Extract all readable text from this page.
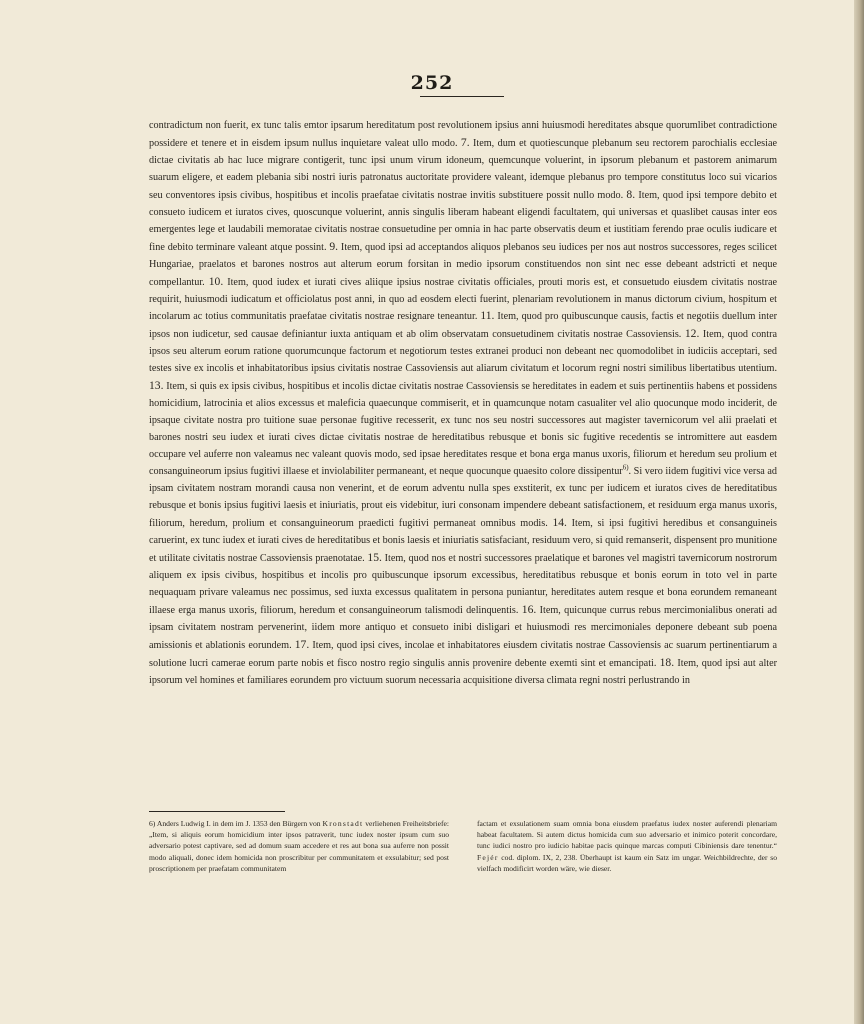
252

contradictum non fuerit, ex tunc talis emtor ipsarum hereditatum post revolutionem ipsius anni huiusmodi hereditates absque quorumlibet contradictione possidere et tenere et in eisdem ipsum nullus inquietare valeat ullo modo. 7. Item, dum et quotiescunque plebanum seu rectorem parochialis ecclesiae dictae civitatis ab hac luce migrare contigerit, tunc ipsi unum virum idoneum, quemcunque voluerint, in ipsorum plebanum et pastorem animarum suarum eligere, et eadem plebania sibi nostri iuris patronatus auctoritate providere valeant, idemque plebanus pro tempore constitutus loco sui vicarios seu conventores ipsis civibus, hospitibus et incolis praefatae civitatis nostrae invitis substituere possit nullo modo. 8. Item, quod ipsi tempore debito et consueto iudicem et iuratos cives, quoscunque voluerint, annis singulis liberam habeant eligendi facultatem, qui universas et quaslibet causas inter eos emergentes lege et laudabili memoratae civitatis nostrae consuetudine per omnia in hac parte observatis deum et iustitiam ferendo prae oculis iudicare et fine debito terminare valeant atque possint. 9. Item, quod ipsi ad acceptandos aliquos plebanos seu iudices per nos aut nostros successores, reges scilicet Hungariae, praelatos et barones nostros aut alterum eorum forsitan in medio ipsorum constituendos non sint nec esse debeant adstricti et neque compellantur. 10. Item, quod iudex et iurati cives aliique ipsius nostrae civitatis officiales, prouti moris est, et consuetudo eiusdem civitatis nostrae requirit, huiusmodi iudicatum et officiolatus post anni, in quo ad eosdem electi fuerint, plenariam revolutionem in manus dictorum civium, hospitum et incolarum ac totius communitatis praefatae civitatis nostrae resignare teneantur. 11. Item, quod pro quibuscunque causis, factis et negotiis duellum inter ipsos non iudicetur, sed causae definiantur iuxta antiquam et ab olim observatam consuetudinem civitatis nostrae Cassoviensis. 12. Item, quod contra ipsos seu alterum eorum ratione quorumcunque factorum et negotiorum testes extranei produci non debeant nec quomodolibet in iudiciis acceptari, sed testes sive ex incolis et inhabitatoribus ipsius civitatis nostrae Cassoviensis aut aliarum civitatum et locorum regni nostri similibus libertatibus utentium. 13. Item, si quis ex ipsis civibus, hospitibus et incolis dictae civitatis nostrae Cassoviensis se hereditates in eadem et suis pertinentiis habens et possidens homicidium, latrocinia et alios excessus et maleficia quaecunque commiserit, et in quamcunque notam casualiter vel alio quocunque modo inciderit, de ipsaque civitate nostra pro tuitione suae personae fugitive recesserit, ex tunc nos seu nostri successores aut magister tavernicorum vel alii praelati et barones nostri seu iudex et iurati cives dictae civitatis nostrae de hereditatibus rebusque et bonis sic fugitive recedentis se intromittere aut easdem occupare vel auferre non valeamus nec valeant quovis modo, sed ipsae hereditates resque et bona erga manus uxoris, filiorum et heredum seu prolium et consanguineorum ipsius fugitivi illaese et inviolabiliter permaneant, et neque quocunque quaesito colore dissipentur$^{6)}$. Si vero iidem fugitivi vice versa ad ipsam civitatem nostram morandi causa non venerint, et de eorum adventu nulla spes exstiterit, ex tunc per iudicem et iuratos cives de hereditatibus rebusque et bonis ipsius fugitivi laesis et iniuriatis, prout eis videbitur, iuri consonam impendere debeant satisfactionem, et residuum erga manus uxoris, filiorum, heredum, prolium et consanguineorum praedicti fugitivi permaneat omnibus modis. 14. Item, si ipsi fugitivi heredibus et consanguineis caruerint, ex tunc iudex et iurati cives de hereditatibus et bonis laesis et iniuriatis satisfaciant, residuum vero, si quid remanserit, dispensent pro munitione et utilitate civitatis nostrae Cassoviensis praenotatae. 15. Item, quod nos et nostri successores praelatique et barones vel magistri tavernicorum nostrorum aliquem ex ipsis civibus, hospitibus et incolis pro quibuscunque ipsorum excessibus, hereditatibus rebusque et bonis eorum in toto vel in parte nequaquam privare valeamus nec possimus, sed iuxta excessus qualitatem in persona puniantur, hereditates autem resque et bona eorundem remaneant illaese erga manus uxoris, filiorum, heredum et consanguineorum talismodi delinquentis. 16. Item, quicunque currus rebus mercimonialibus onerati ad ipsam civitatem nostram pervenerint, iidem more antiquo et consueto inibi disligari et huiusmodi res mercimoniales deponere debeant sub poena amissionis et ablationis eorundem. 17. Item, quod ipsi cives, incolae et inhabitatores eiusdem civitatis nostrae Cassoviensis ac suarum pertinentiarum a solutione lucri camerae eorum parte nobis et fisco nostro regio singulis annis provenire debente exemti sint et emancipati. 18. Item, quod ipsi aut alter ipsorum vel homines et familiares eorundem pro victuum suorum necessaria acquisitione diversa climata regni nostri perlustrando in

6) Anders Ludwig I. in dem im J. 1353 den Bürgern von Kronstadt verliehenen Freiheitsbriefe: „Item, si aliquis eorum homicidium inter ipsos patraverit, tunc iudex noster ipsum cum suo adversario potest captivare, sed ad domum suam accedere et res aut bona sua auferre non possit modo aliquali, donec idem homicida non proscribitur per communitatem et exsulabitur; sed post proscriptionem per praefatam communitatem

factam et exsulationem suam omnia bona eiusdem praefatus iudex noster auferendi plenariam habeat facultatem. Si autem dictus homicida cum suo adversario et inimico poterit concordare, tunc iudici nostro pro iudicio habitae pacis quinque marcas computi Cibiniensis dare tenentur.“ Fejér cod. diplom. IX, 2, 238. Überhaupt ist kaum ein Satz im ungar. Weichbildrechte, der so vielfach modificirt worden wäre, wie dieser.
